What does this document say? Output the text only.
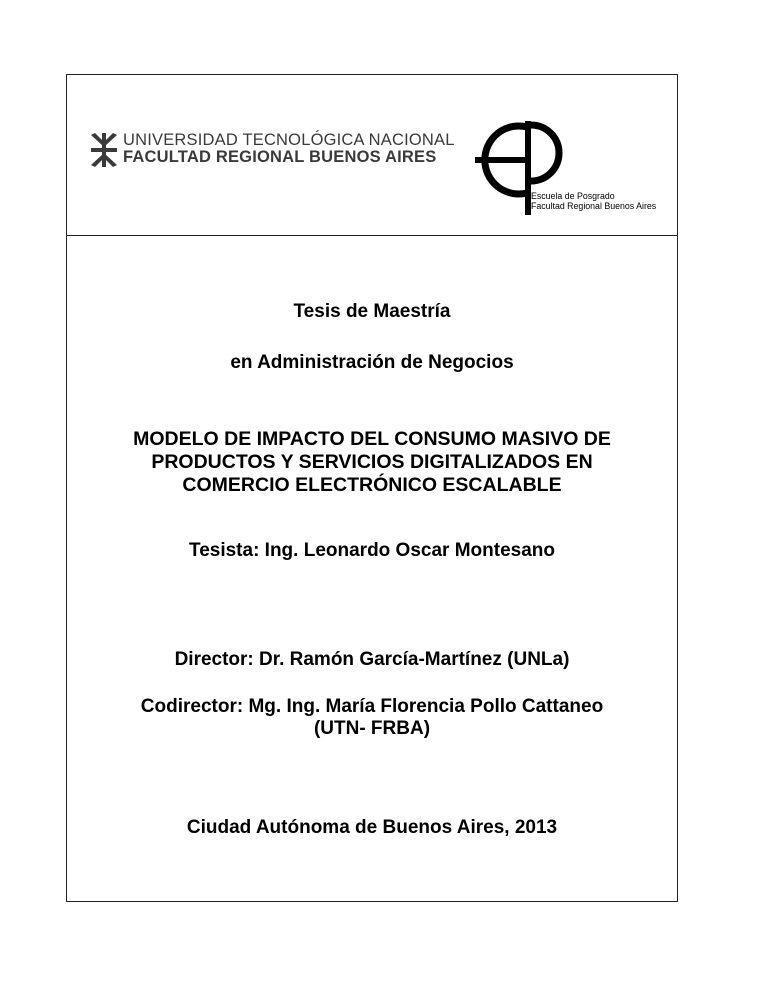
UNIVERSIDAD TECNOLÓGICA NACIONAL
FACULTAD REGIONAL BUENOS AIRES
Escuela de Posgrado
Facultad Regional Buenos Aires
Tesis de Maestría
en Administración de Negocios
MODELO DE IMPACTO DEL CONSUMO MASIVO DE
PRODUCTOS Y SERVICIOS DIGITALIZADOS EN
COMERCIO ELECTRÓNICO ESCALABLE
Tesista: Ing. Leonardo Oscar Montesano
Director: Dr. Ramón García-Martínez (UNLa)
Codirector: Mg. Ing. María Florencia Pollo Cattaneo
(UTN- FRBA)
Ciudad Autónoma de Buenos Aires, 2013
